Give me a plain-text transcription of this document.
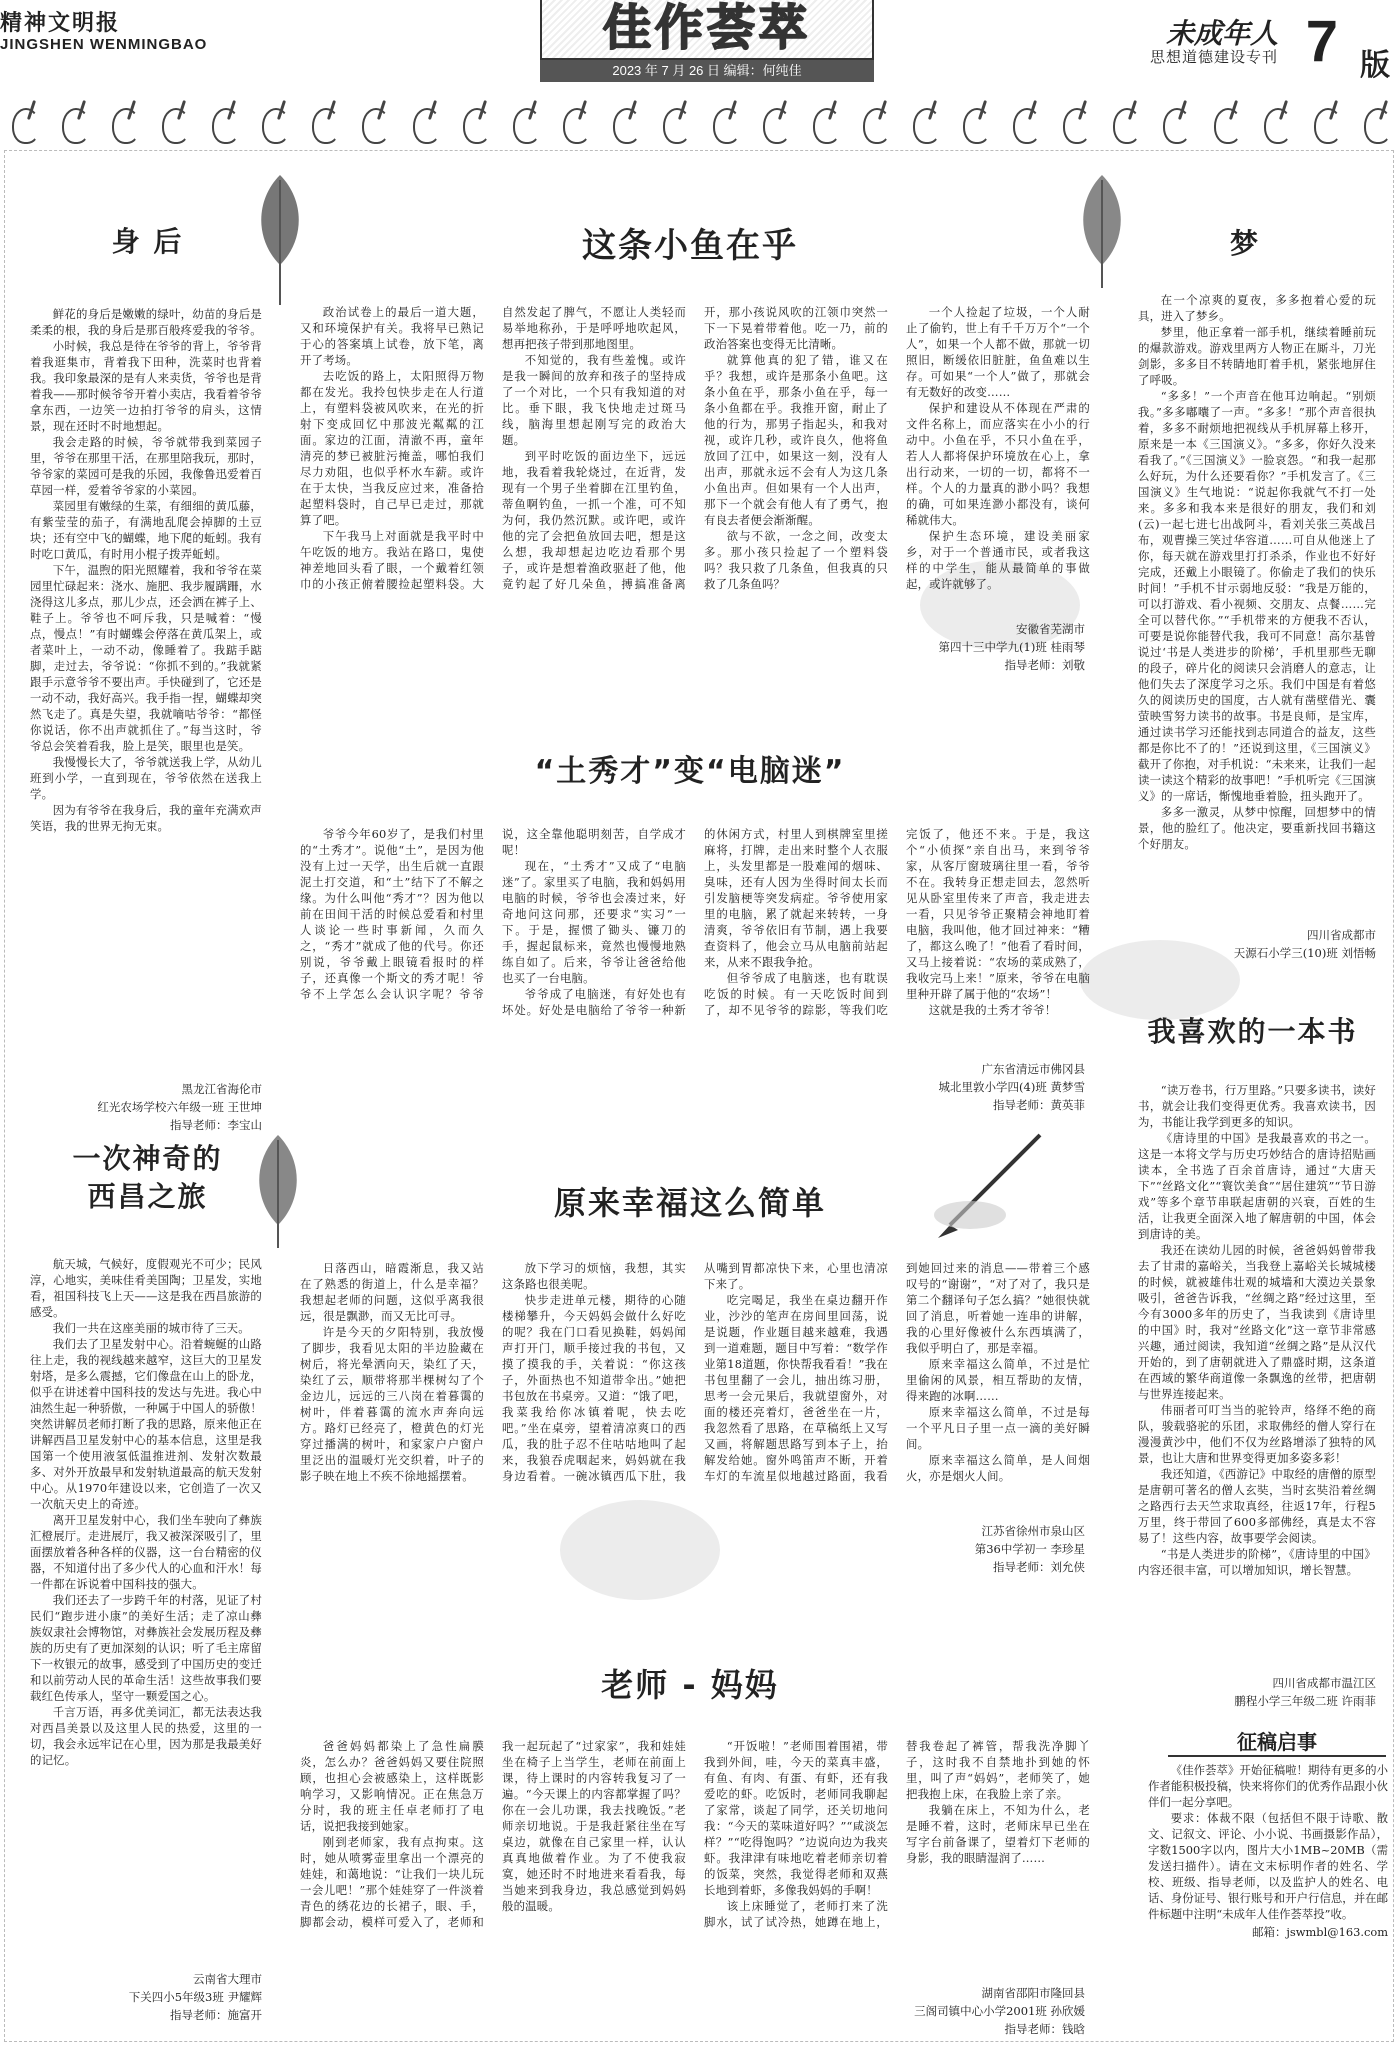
精神文明报
JINGSHEN WENMINGBAO	佳作荟萃
2023 年 7 月 26 日 编辑：何纯佳
未成年人
思想道德建设专刊 7 版
身 后

鲜花的身后是嫩嫩的绿叶，幼苗的身后是柔柔的根，我的身后是那百般疼爱我的爷爷。

小时候，我总是待在爷爷的背上，爷爷背着我逛集市，背着我下田种，洗菜时也背着我。我印象最深的是有人来卖货，爷爷也是背着我——那时候爷爷开着小卖店，我看着爷爷拿东西，一边笑一边拍打爷爷的肩头，这情景，现在还时不时地想起。

我会走路的时候，爷爷就带我到菜园子里，爷爷在那里干活，在那里陪我玩，那时，爷爷家的菜园可是我的乐园，我像鲁迅爱着百草园一样，爱着爷爷家的小菜园。

菜园里有嫩绿的生菜，有细细的黄瓜藤，有紫莹莹的茄子，有满地乱爬会掉脚的土豆块；还有空中飞的蝴蝶，地下爬的蚯蚓。我有时吃口黄瓜，有时用小棍子拨弄蚯蚓。

下午，温煦的阳光照耀着，我和爷爷在菜园里忙碌起来：浇水、施肥、我步履蹒跚，水浇得这儿多点，那儿少点，还会洒在裤子上、鞋子上。爷爷也不呵斥我，只是喊着：“慢点，慢点！”有时蝴蝶会停落在黄瓜架上，或者菜叶上，一动不动，像睡着了。我踮手踮脚，走过去，爷爷说：“你抓不到的。”我就紧跟手示意爷爷不要出声。手快碰到了，它还是一动不动，我好高兴。我手指一捏，蝴蝶却突然飞走了。真是失望，我就嘀咕爷爷：“都怪你说话，你不出声就抓住了。”每当这时，爷爷总会笑着看我，脸上是笑，眼里也是笑。

我慢慢长大了，爷爷就送我上学，从幼儿班到小学，一直到现在，爷爷依然在送我上学。

因为有爷爷在我身后，我的童年充满欢声笑语，我的世界无拘无束。

黑龙江省海伦市
红光农场学校六年级一班 王世坤
指导老师：李宝山
这条小鱼在乎

政治试卷上的最后一道大题，又和环境保护有关。我将早已熟记于心的答案填上试卷，放下笔，离开了考场。

去吃饭的路上，太阳照得万物都在发光。我拎包快步走在人行道上，有塑料袋被风吹来，在光的折射下变成回忆中那波光粼粼的江面。家边的江面，清澈不再，童年清亮的梦已被脏污掩盖，哪怕我们尽力劝阻，也似乎杯水车薪。或许在于太快，当我反应过来，准备拾起塑料袋时，自己早已走过，那就算了吧。

下午我马上对面就是我平时中午吃饭的地方。我站在路口，鬼使神差地回头看了眼，一个戴着红领巾的小孩正俯着腰捡起塑料袋。大自然发起了脾气，不愿让人类轻而易举地称孙，于是呼呼地吹起风，想再把孩子带到那地图里。

不知觉的，我有些羞愧。或许是我一瞬间的放弃和孩子的坚持成了一个对比，一个只有我知道的对比。垂下眼，我飞快地走过斑马线，脑海里想起刚写完的政治大题。

到平时吃饭的面边坐下，远远地，我看着我轮烧过，在近背，发现有一个男子坐着脚在江里钓鱼，蒂鱼啊钓鱼，一抓一个准，可不知为何，我仍然沉默。或许吧，或许他的完了会把鱼放回去吧，想是这么想，我却想起边吃边看那个男子，或许是想着渔政驱赶了他，他竟钓起了好几朵鱼，搏搞准备离开，那小孩说风吹的江领巾突然一下一下晃着带着他。吃一乃，前的政治答案也变得无比清晰。

就算他真的犯了错，谁又在乎？我想，或许是那条小鱼吧。这条小鱼在乎，那条小鱼在乎，每一条小鱼都在乎。我推开窗，耐止了他的行为，那男子指起头，和我对视，或许几秒，或许良久，他将鱼放回了江中，如果这一刻，没有人出声，那就永远不会有人为这几条小鱼出声。但如果有一个人出声，那下一个就会有他人有了勇气，抱有良去者便会渐渐醒。

欲与不欲，一念之间，改变太多。那小孩只捡起了一个塑料袋吗？我只救了几条鱼，但我真的只救了几条鱼吗？

一个人捡起了垃圾，一个人耐止了偷钓，世上有千千万万个“一个人”，如果一个人都不做，那就一切照旧，断缓依旧脏脏，鱼鱼难以生存。可如果“一个人”做了，那就会有无数好的改变……

保护和建设从不体现在严肃的文件名称上，而应落实在小小的行动中。小鱼在乎，不只小鱼在乎，若人人都将保护环境放在心上，拿出行动来，一切的一切，都将不一样。个人的力量真的渺小吗？我想的确，可如果连渺小都没有，谈何稀就伟大。

保护生态环境，建设美丽家乡，对于一个普通市民，或者我这样的中学生，能从最简单的事做起，或许就够了。

安徽省芜湖市
第四十三中学九(1)班 桂雨琴
指导老师：刘敬
梦

在一个凉爽的夏夜，多多抱着心爱的玩具，进入了梦乡。

梦里，他正拿着一部手机，继续着睡前玩的爆款游戏。游戏里两方人物正在厮斗，刀光剑影，多多目不转睛地盯着手机，紧张地屏住了呼吸。

“多多！”一个声音在他耳边响起。“别烦我。”多多嘟囔了一声。“多多！”那个声音很执着，多多不耐烦地把视线从手机屏幕上移开，原来是一本《三国演义》。“多多，你好久没来看我了。”《三国演义》一脸哀怨。“和我一起那么好玩，为什么还要看你？”手机发言了。《三国演义》生气地说：“说起你我就气不打一处来。多多和我本来是很好的朋友，我们和刘(云)一起七进七出战阿斗，看刘关张三英战吕布，观曹操三笑过华容道……可自从他迷上了你，每天就在游戏里打打杀杀，作业也不好好完成，还戴上小眼镜了。你偷走了我们的快乐时间！”手机不甘示弱地反驳：“我是万能的，可以打游戏、看小视频、交朋友、点餐……完全可以替代你。”“手机带来的方便我不否认，可要是说你能替代我，我可不同意！高尔基曾说过‘书是人类进步的阶梯’，手机里那些无聊的段子，碎片化的阅读只会消磨人的意志，让他们失去了深度学习之乐。我们中国是有着悠久的阅读历史的国度，古人就有凿壁借光、囊萤映雪努力读书的故事。书是良师，是宝库，通过读书学习还能找到志同道合的益友，这些都是你比不了的！”还说到这里，《三国演义》截开了你抱，对手机说：“未来来，让我们一起读一读这个精彩的故事吧！”手机听完《三国演义》的一席话，惭愧地垂着脸，扭头跑开了。

多多一激灵，从梦中惊醒，回想梦中的情景，他的脸红了。他决定，要重新找回书籍这个好朋友。

四川省成都市
天源石小学三(10)班 刘悟畅
“土秀才”变“电脑迷”

爷爷今年60岁了，是我们村里的“土秀才”。说他“土”，是因为他没有上过一天学，出生后就一直跟泥土打交道，和“土”结下了不解之缘。为什么叫他“秀才”？因为他以前在田间干活的时候总爱看和村里人谈论一些时事新闻，久而久之，“秀才”就成了他的代号。你还别说，爷爷戴上眼镜看报时的样子，还真像一个斯文的秀才呢！爷爷不上学怎么会认识字呢？爷爷说，这全靠他聪明刻苦，自学成才呢！

现在，“土秀才”又成了“电脑迷”了。家里买了电脑，我和妈妈用电脑的时候，爷爷也会凑过来，好奇地问这问那，还要求“实习”一下。于是，握惯了锄头、镰刀的手，握起鼠标来，竟然也慢慢地熟练自如了。后来，爷爷让爸爸给他也买了一台电脑。

爷爷成了电脑迷，有好处也有坏处。好处是电脑给了爷爷一种新的休闲方式，村里人到棋牌室里搓麻将，打牌，走出来时整个人衣服上，头发里都是一股难闻的烟味、臭味，还有人因为坐得时间太长而引发脑梗等突发病症。爷爷使用家里的电脑，累了就起来转转，一身清爽，爷爷依旧有节制，遇上我要查资料了，他会立马从电脑前站起来，从来不跟我争抢。

但爷爷成了电脑迷，也有耽误吃饭的时候。有一天吃饭时间到了，却不见爷爷的踪影，等我们吃完饭了，他还不来。于是，我这个“小侦探”亲自出马，来到爷爷家，从客厅窗玻璃往里一看，爷爷不在。我转身正想走回去，忽然听见从卧室里传来了声音，我走进去一看，只见爷爷正聚精会神地盯着电脑，我叫他，他才回过神来：“糟了，都这么晚了！”他看了看时间，又马上接着说：“农场的菜成熟了，我收完马上来！”原来，爷爷在电脑里种开辟了属于他的“农场”！

这就是我的土秀才爷爷！

广东省清远市佛冈县
城北里敦小学四(4)班 黄梦雪
指导老师：黄英菲
一次神奇的
西昌之旅

航天城，气候好，度假观光不可少；民风淳，心地实，美味佳肴美国陶；卫星发，实地看，祖国科技飞上天——这是我在西昌旅游的感受。

我们一共在这座美丽的城市待了三天。

我们去了卫星发射中心。沿着蜿蜒的山路往上走，我的视线越来越窄，这巨大的卫星发射塔，是多么震撼，它们像盘在山上的卧龙，似乎在讲述着中国科技的发达与先进。我心中油然生起一种骄傲，一种属于中国人的骄傲！突然讲解员老师打断了我的思路，原来他正在讲解西昌卫星发射中心的基本信息，这里是我国第一个使用液氢低温推进剂、发射次数最多、对外开放最早和发射轨道最高的航天发射中心。从1970年建设以来，它创造了一次又一次航天史上的奇迹。

离开卫星发射中心，我们坐车驶向了彝族汇橙展厅。走进展厅，我又被深深吸引了，里面摆放着各种各样的仪器，这一台台精密的仪器，不知道付出了多少代人的心血和汗水！每一件都在诉说着中国科技的强大。

我们还去了一步跨千年的村落，见证了村民们“跑步进小康”的美好生活；走了凉山彝族奴隶社会博物馆，对彝族社会发展历程及彝族的历史有了更加深刻的认识；听了毛主席留下一枚银元的故事，感受到了中国历史的变迁和以前劳动人民的革命生活！这些故事我们要载红色传承人，坚守一颗爱国之心。

千言万语，再多优美词汇，都无法表达我对西昌美景以及这里人民的热爱，这里的一切，我会永远牢记在心里，因为那是我最美好的记忆。

云南省大理市
下关四小5年级3班 尹耀辉
指导老师：施富开
原来幸福这么简单

日落西山，暗霞渐息，我又站在了熟悉的街道上，什么是幸福？我想起老师的问题，这似乎离我很远，很是飘渺，而又无比可寻。

许是今天的夕阳特别，我放慢了脚步，我看见太阳的半边脸藏在树后，将光晕洒向天，染红了天，染红了云，顺带将那半棵树勾了个金边儿，远远的三八岗在着暮霭的树叶，伴着暮霭的流水声奔向远方。路灯已经亮了，橙黄色的灯光穿过播满的树叶，和家家户户窗户里泛出的温暖灯光交织着，叶子的影子映在地上不疾不徐地摇摆着。

放下学习的烦恼，我想，其实这条路也很美呢。

快步走进单元楼，期待的心随楼梯攀升，今天妈妈会做什么好吃的呢？我在门口看见换鞋，妈妈闻声打开门，顺手接过我的书包，又摸了摸我的手，关着说：“你这孩子，外面热也不知道带伞出。”她把书包放在书桌旁。又道：“饿了吧，我菜我给你冰镇着呢，快去吃吧。”坐在桌旁，望着清凉爽口的西瓜，我的肚子忍不住咕咕地叫了起来，我狼吞虎咽起来，妈妈就在我身边看着。一碗冰镇西瓜下肚，我从嘴到胃都凉快下来，心里也清凉下来了。

吃完喝足，我坐在桌边翻开作业，沙沙的笔声在房间里回荡，说是说题，作业题目越来越难，我遇到一道难题，题目中写着：“数学作业第18道题，你快帮我看看！”我在书包里翻了一会儿，抽出练习册，思考一会元果后，我就望窗外，对面的楼还亮着灯，爸爸坐在一片，我忽然看了思路，在草稿纸上又写又画，将解题思路写到本子上，抬解发给她。窗外鸣笛声不断，开着车灯的车流星似地越过路面，我看到她回过来的消息——带着三个感叹号的“谢谢”，“对了对了，我只是第二个翻译句子怎么搞？”她很快就回了消息，听着她一连串的讲解，我的心里好像被什么东西填满了，我似乎明白了，那是幸福。

原来幸福这么简单，不过是忙里偷闲的风景，相互帮助的友情，得来跑的冰啊……

原来幸福这么简单，不过是每一个平凡日子里一点一滴的美好瞬间。

原来幸福这么简单，是人间烟火，亦是烟火人间。

江苏省徐州市泉山区
第36中学初一 李珍星
指导老师：刘允侠
老师 - 妈妈

爸爸妈妈都染上了急性扁膜炎，怎么办？爸爸妈妈又要住院照顾，也担心会被感染上，这样既影响学习，又影响情况。正在焦急万分时，我的班主任卓老师打了电话，说把我接到她家。

刚到老师家，我有点拘束。这时，她从喷雾壶里拿出一个漂亮的娃娃，和蔼地说：“让我们一块儿玩一会儿吧！”那个娃娃穿了一件淡着青色的绣花边的长裙子，眼、手，脚都会动，模样可爱入了，老师和我一起玩起了“过家家”，我和娃娃坐在椅子上当学生，老师在前面上课，待上课时的内容转我复习了一遍。“今天课上的内容都掌握了吗？你在一会儿功课，我去找晚饭。”老师亲切地说。于是我赶紧往坐在写桌边，就像在自己家里一样，认认真真地做着作业。为了不使我寂寞，她还时不时地进来看看我，每当她来到我身边，我总感觉到妈妈般的温暖。

“开饭啦！”老师围着围裙，带我到外间，哇，今天的菜真丰盛，有鱼、有肉、有蛋、有虾，还有我爱吃的虾。吃饭时，老师同我聊起了家常，谈起了同学，还关切地问我：“今天的菜味道好吗？”“咸淡怎样？”“吃得饱吗？”边说向边为我夹虾。我津津有味地吃着老师亲切着的饭菜，突然，我觉得老师和双燕长地到着虾，多像我妈妈的手啊！

该上床睡觉了，老师打来了洗脚水，试了试冷热，她蹲在地上，替我卷起了裤管，帮我洗净脚丫子，这时我不自禁地扑到她的怀里，叫了声“妈妈”，老师笑了，她把我抱上床，在我脸上亲了亲。

我躺在床上，不知为什么，老是睡不着，这时，老师床早已坐在写字台前备课了，望着灯下老师的身影，我的眼睛湿润了……

湖南省邵阳市隆回县
三阁司镇中心小学2001班 孙欣媛
指导老师：钱晗
我喜欢的一本书

“读万卷书，行万里路。”只要多读书，读好书，就会让我们变得更优秀。我喜欢读书，因为，书能让我学到更多的知识。

《唐诗里的中国》是我最喜欢的书之一。这是一本将文学与历史巧妙结合的唐诗招贴画读本，全书选了百余首唐诗，通过“大唐天下”“丝路文化”“寰饮美食”“居住建筑”“节日游戏”等多个章节串联起唐朝的兴衰，百姓的生活，让我更全面深入地了解唐朝的中国，体会到唐诗的美。

我还在读幼儿园的时候，爸爸妈妈曾带我去了甘肃的嘉峪关，当我登上嘉峪关长城城楼的时候，就被雄伟壮观的城墙和大漠边关景象吸引，爸爸告诉我，“丝绸之路”经过这里，至今有3000多年的历史了，当我读到《唐诗里的中国》时，我对“丝路文化”这一章节非常感兴趣，通过阅读，我知道“丝绸之路”是从汉代开始的，到了唐朝就进入了鼎盛时期，这条道在西域的繁华商道像一条飘逸的丝带，把唐朝与世界连接起来。

伟丽者可叮当当的驼铃声，络绎不绝的商队，骏载骆驼的乐团，求取佛经的僧人穿行在漫漫黄沙中，他们不仅为丝路增添了独特的风景，也让大唐和世界变得更加多姿多彩！

我还知道，《西游记》中取经的唐僧的原型是唐朝可著名的僧人玄奘，当时玄奘沿着丝绸之路西行去天竺求取真经，往返17年，行程5万里，终于带回了600多部佛经，真是太不容易了！这些内容，故事要学会阅读。

“书是人类进步的阶梯”，《唐诗里的中国》内容还很丰富，可以增加知识，增长智慧。

四川省成都市温江区
鹏程小学三年级二班 许雨菲
征稿启事

《佳作荟萃》开始征稿啦！期待有更多的小作者能积极投稿，快来将你们的优秀作品跟小伙伴们一起分享吧。

要求：体裁不限（包括但不限于诗歌、散文、记叙文、评论、小小说、书画摄影作品），字数1500字以内，图片大小1MB~20MB（需发送扫描件）。请在文末标明作者的姓名、学校、班级、指导老师，以及监护人的姓名、电话、身份证号、银行账号和开户行信息，并在邮件标题中注明“未成年人佳作荟萃投”收。

邮箱：jswmbl@163.com
